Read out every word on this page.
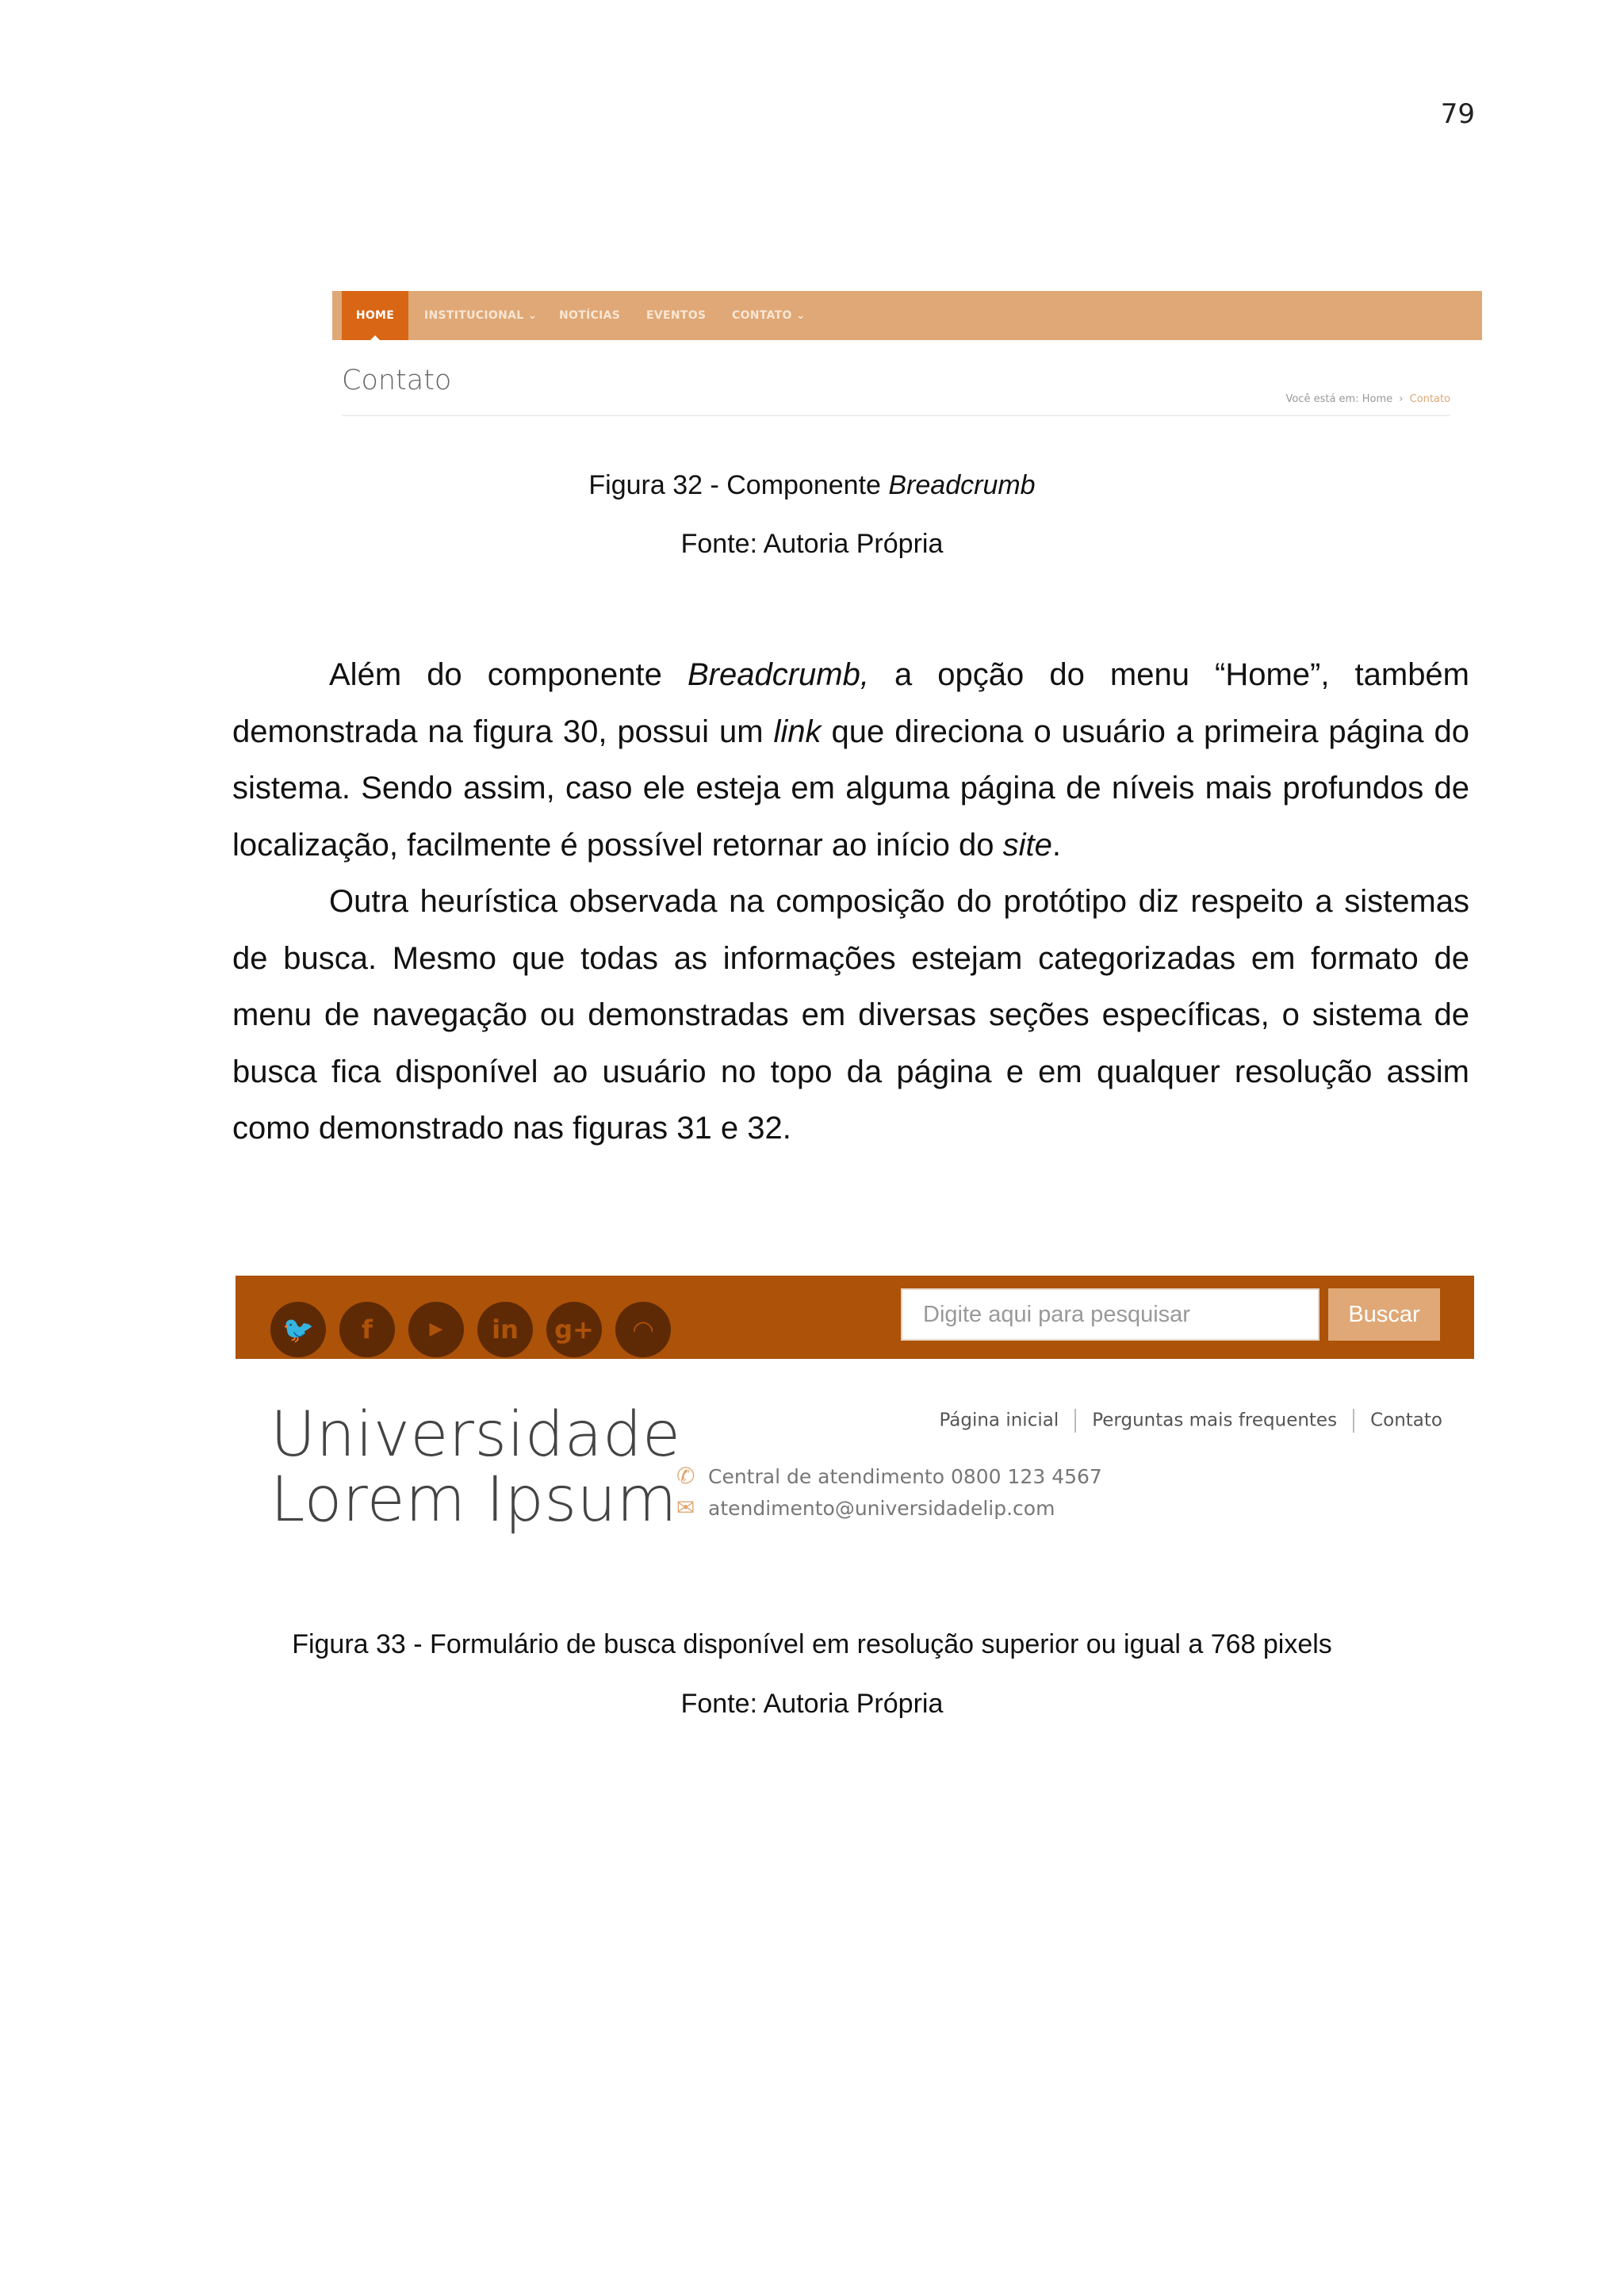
79
HOME	INSTITUCIONAL ⌄ NOTÍCIAS EVENTOS CONTATO ⌄
Contato
Você está em: Home › Contato
Figura 32 - Componente Breadcrumb
Fonte: Autoria Própria

Além do componente Breadcrumb, a opção do menu “Home”, também demonstrada na figura 30, possui um link que direciona o usuário a primeira página do sistema. Sendo assim, caso ele esteja em alguma página de níveis mais profundos de localização, facilmente é possível retornar ao início do site.

Outra heurística observada na composição do protótipo diz respeito a sistemas de busca. Mesmo que todas as informações estejam categorizadas em formato de menu de navegação ou demonstradas em diversas seções específicas, o sistema de busca fica disponível ao usuário no topo da página e em qualquer resolução assim como demonstrado nas figuras 31 e 32.

🐦	f	▶	in	g+	◠	Digite aqui para pesquisar	Buscar
Universidade
Lorem Ipsum
Página inicial Perguntas mais frequentes Contato
✆ Central de atendimento 0800 123 4567
✉ atendimento@universidadelip.com
Figura 33 - Formulário de busca disponível em resolução superior ou igual a 768 pixels
Fonte: Autoria Própria
